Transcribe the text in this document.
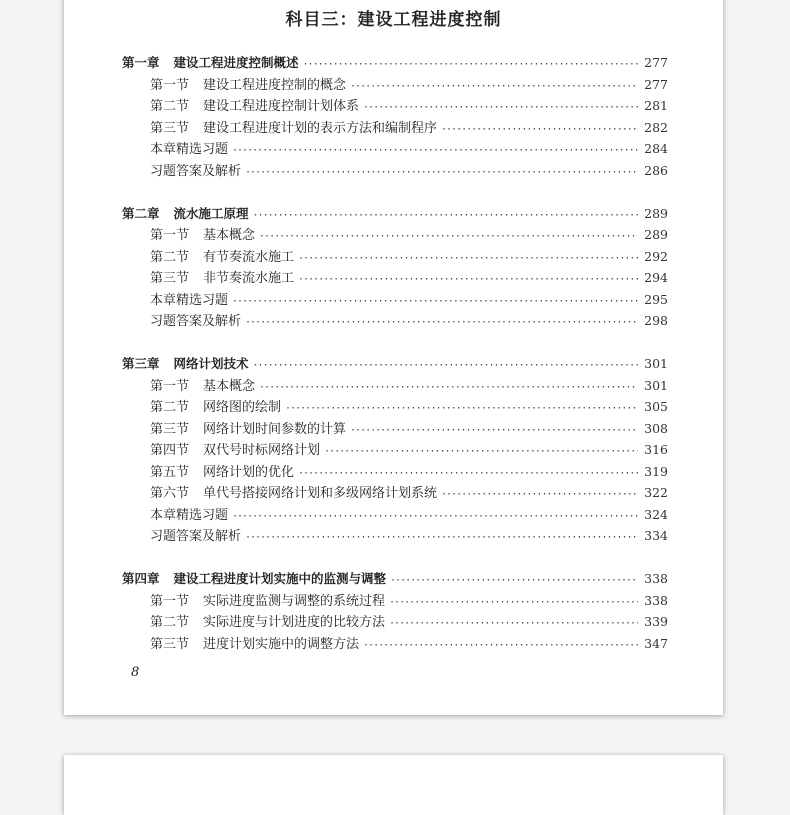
科目三：建设工程进度控制
第一章 建设工程进度控制概述 ·····	277
第一节 建设工程进度控制的概念 ·····	277
第二节 建设工程进度控制计划体系 ·····	281
第三节 建设工程进度计划的表示方法和编制程序 ·····	282
本章精选习题 ·····	284
习题答案及解析 ·····	286
第二章 流水施工原理 ·····	289
第一节 基本概念 ·····	289
第二节 有节奏流水施工 ·····	292
第三节 非节奏流水施工 ·····	294
本章精选习题 ·····	295
习题答案及解析 ·····	298
第三章 网络计划技术 ·····	301
第一节 基本概念 ·····	301
第二节 网络图的绘制 ·····	305
第三节 网络计划时间参数的计算 ·····	308
第四节 双代号时标网络计划 ·····	316
第五节 网络计划的优化 ·····	319
第六节 单代号搭接网络计划和多级网络计划系统 ·····	322
本章精选习题 ·····	324
习题答案及解析 ·····	334
第四章 建设工程进度计划实施中的监测与调整 ·····	338
第一节 实际进度监测与调整的系统过程 ·····	338
第二节 实际进度与计划进度的比较方法 ·····	339
第三节 进度计划实施中的调整方法 ·····	347
8
